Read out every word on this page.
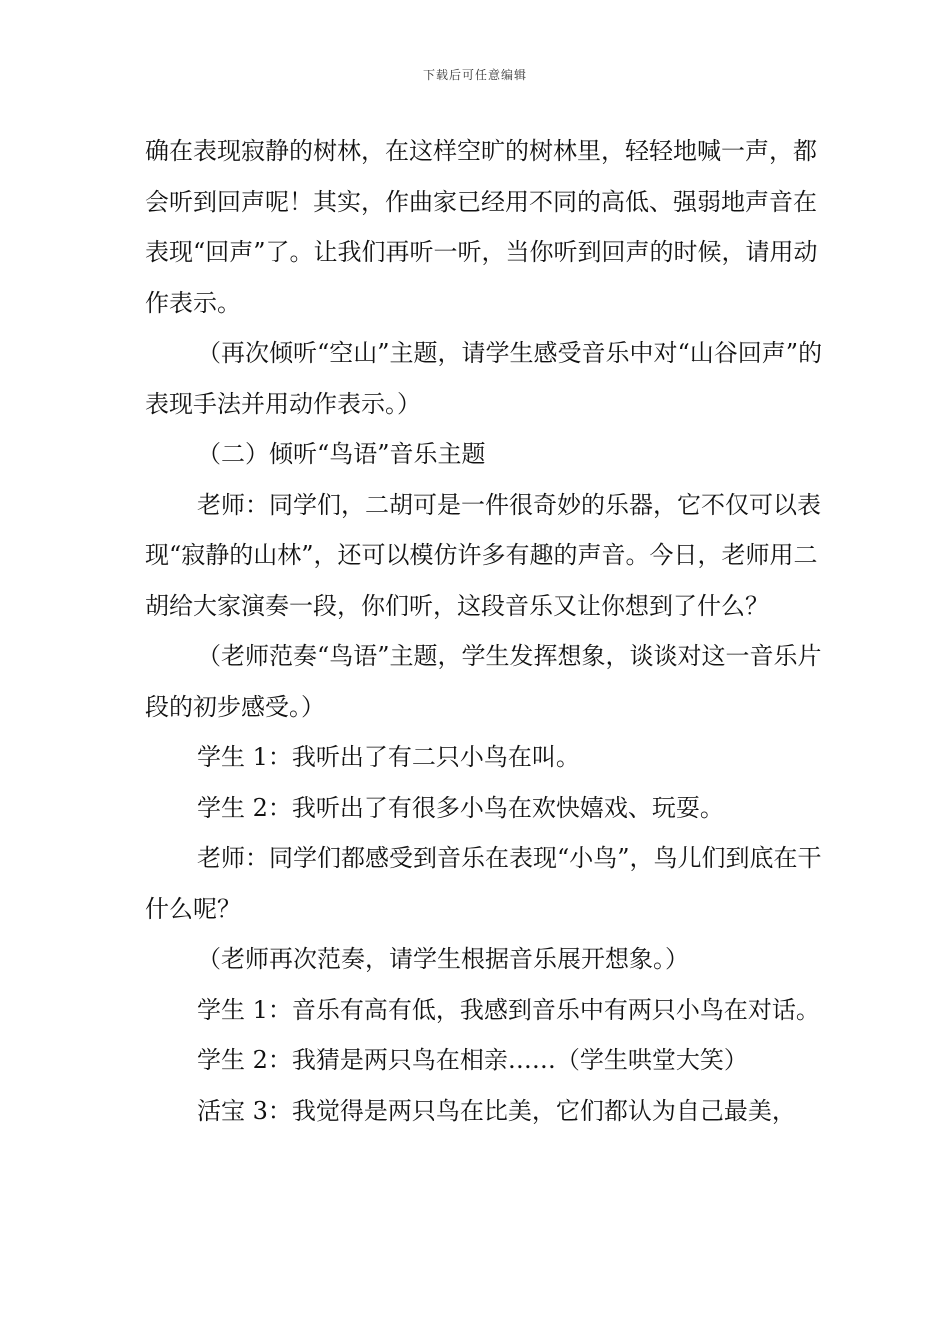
下载后可任意编辑

确在表现寂静的树林，在这样空旷的树林里，轻轻地喊一声，都会听到回声呢！其实，作曲家已经用不同的高低、强弱地声音在表现“回声”了。让我们再听一听，当你听到回声的时候，请用动作表示。

（再次倾听“空山”主题，请学生感受音乐中对“山谷回声”的表现手法并用动作表示。）

（二）倾听“鸟语”音乐主题

老师：同学们，二胡可是一件很奇妙的乐器，它不仅可以表现“寂静的山林”，还可以模仿许多有趣的声音。今日，老师用二胡给大家演奏一段，你们听，这段音乐又让你想到了什么？

（老师范奏“鸟语”主题，学生发挥想象，谈谈对这一音乐片段的初步感受。）

学生 1：我听出了有二只小鸟在叫。

学生 2：我听出了有很多小鸟在欢快嬉戏、玩耍。

老师：同学们都感受到音乐在表现“小鸟”，鸟儿们到底在干什么呢？

（老师再次范奏，请学生根据音乐展开想象。）

学生 1：音乐有高有低，我感到音乐中有两只小鸟在对话。

学生 2：我猜是两只鸟在相亲……（学生哄堂大笑）

活宝 3：我觉得是两只鸟在比美，它们都认为自己最美，
